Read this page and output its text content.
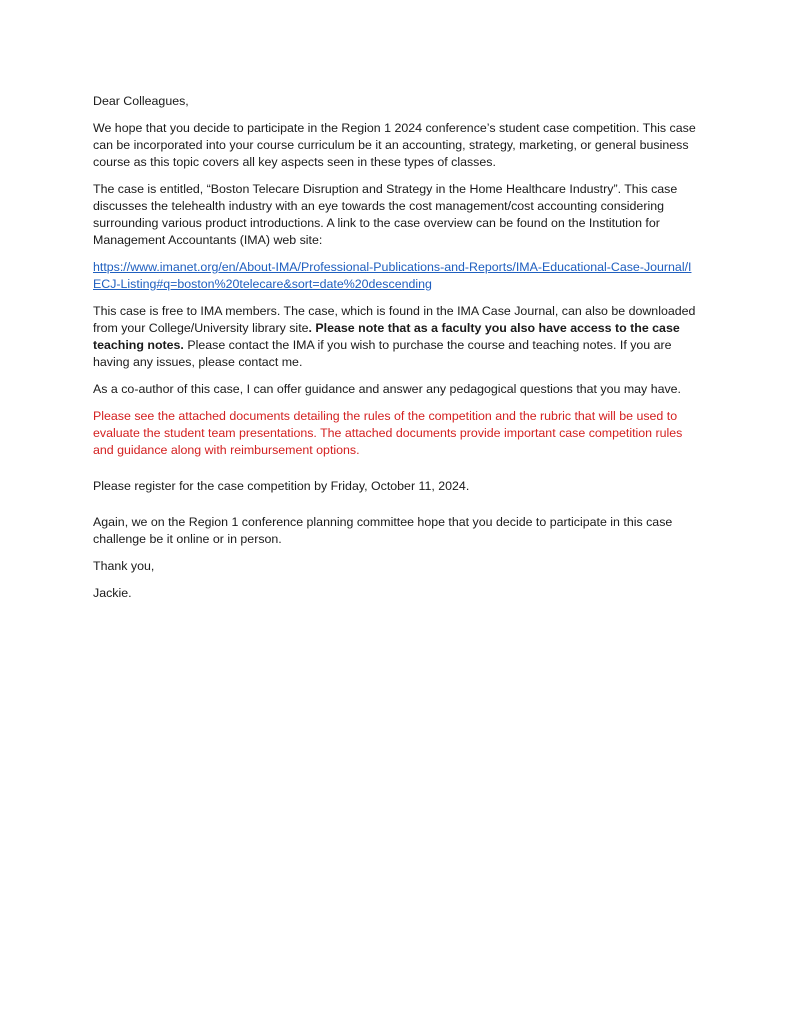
Dear Colleagues,

We hope that you decide to participate in the Region 1 2024 conference’s student case competition. This case can be incorporated into your course curriculum be it an accounting, strategy, marketing, or general business course as this topic covers all key aspects seen in these types of classes.

The case is entitled, “Boston Telecare Disruption and Strategy in the Home Healthcare Industry”. This case discusses the telehealth industry with an eye towards the cost management/cost accounting considering surrounding various product introductions. A link to the case overview can be found on the Institution for Management Accountants (IMA) web site:

https://www.imanet.org/en/About-IMA/Professional-Publications-and-Reports/IMA-Educational-Case-Journal/IECJ-Listing#q=boston%20telecare&sort=date%20descending

This case is free to IMA members. The case, which is found in the IMA Case Journal, can also be downloaded from your College/University library site. Please note that as a faculty you also have access to the case teaching notes. Please contact the IMA if you wish to purchase the course and teaching notes. If you are having any issues, please contact me.

As a co-author of this case, I can offer guidance and answer any pedagogical questions that you may have.

Please see the attached documents detailing the rules of the competition and the rubric that will be used to evaluate the student team presentations. The attached documents provide important case competition rules and guidance along with reimbursement options.

Please register for the case competition by Friday, October 11, 2024.

Again, we on the Region 1 conference planning committee hope that you decide to participate in this case challenge be it online or in person.

Thank you,

Jackie.
